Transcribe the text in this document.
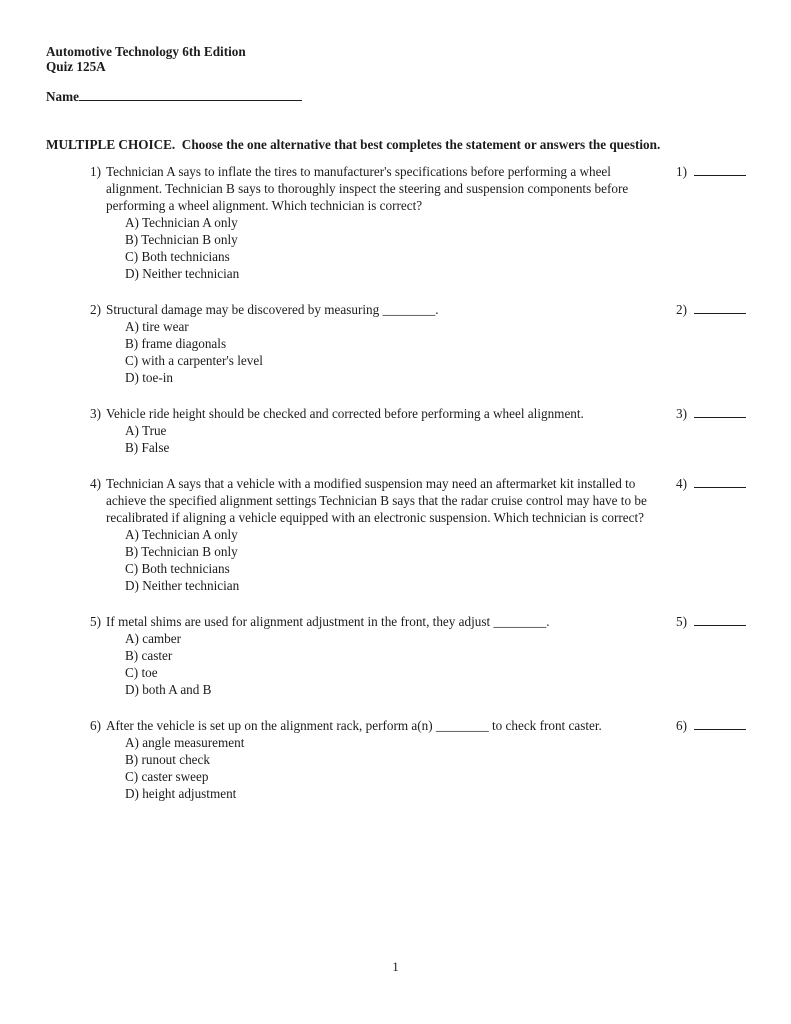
Automotive Technology 6th Edition
Quiz 125A
Name
MULTIPLE CHOICE.  Choose the one alternative that best completes the statement or answers the question.
1) Technician A says to inflate the tires to manufacturer's specifications before performing a wheel alignment. Technician B says to thoroughly inspect the steering and suspension components before performing a wheel alignment. Which technician is correct?
A) Technician A only
B) Technician B only
C) Both technicians
D) Neither technician
1)
2) Structural damage may be discovered by measuring ________.
A) tire wear
B) frame diagonals
C) with a carpenter's level
D) toe-in
2)
3) Vehicle ride height should be checked and corrected before performing a wheel alignment.
A) True
B) False
3)
4) Technician A says that a vehicle with a modified suspension may need an aftermarket kit installed to achieve the specified alignment settings Technician B says that the radar cruise control may have to be recalibrated if aligning a vehicle equipped with an electronic suspension. Which technician is correct?
A) Technician A only
B) Technician B only
C) Both technicians
D) Neither technician
4)
5) If metal shims are used for alignment adjustment in the front, they adjust ________.
A) camber
B) caster
C) toe
D) both A and B
5)
6) After the vehicle is set up on the alignment rack, perform a(n) ________ to check front caster.
A) angle measurement
B) runout check
C) caster sweep
D) height adjustment
6)
1
